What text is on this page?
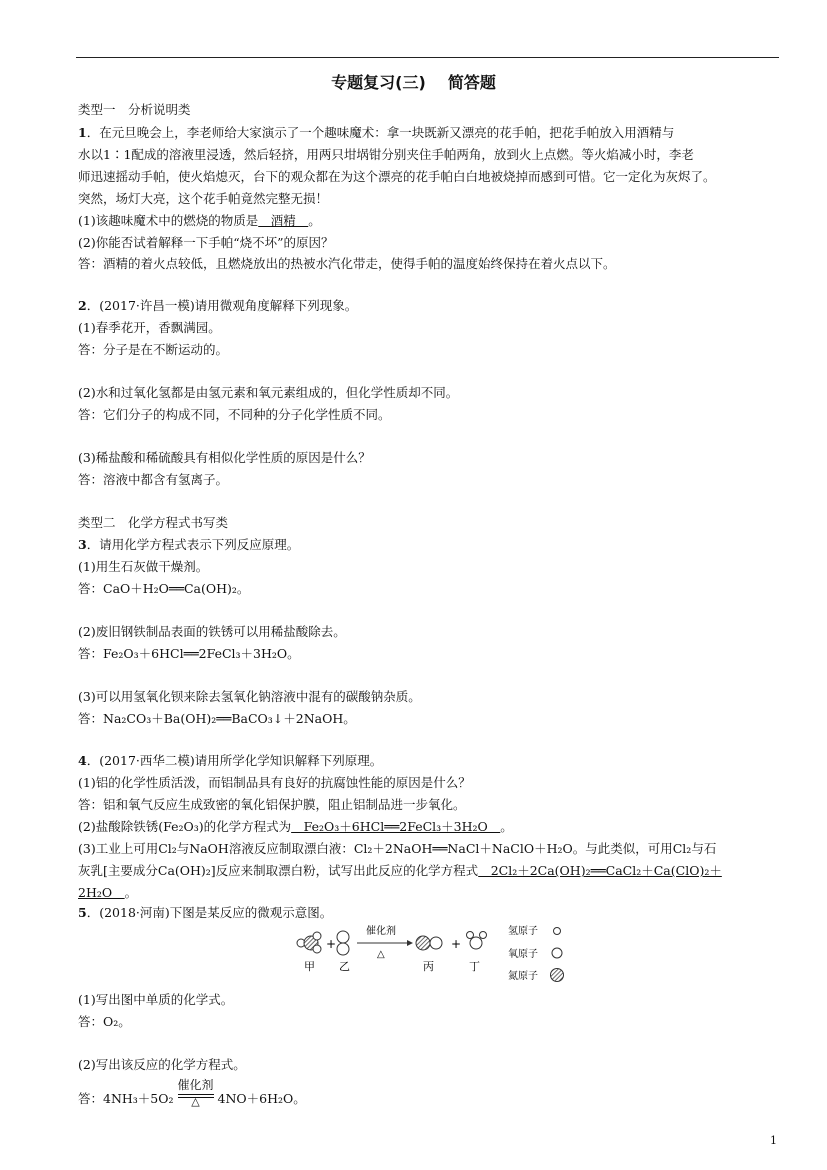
专题复习(三) 简答题
类型一　分析说明类
1．在元旦晚会上，李老师给大家演示了一个趣味魔术：拿一块既新又漂亮的花手帕，把花手帕放入用酒精与
水以1∶1配成的溶液里浸透，然后轻挤，用两只坩埚钳分别夹住手帕两角，放到火上点燃。等火焰减小时，李老
师迅速摇动手帕，使火焰熄灭，台下的观众都在为这个漂亮的花手帕白白地被烧掉而感到可惜。它一定化为灰烬了。
突然，场灯大亮，这个花手帕竟然完整无损！
(1)该趣味魔术中的燃烧的物质是　酒精　。
(2)你能否试着解释一下手帕“烧不坏”的原因？
答：酒精的着火点较低，且燃烧放出的热被水汽化带走，使得手帕的温度始终保持在着火点以下。
2．(2017·许昌一模)请用微观角度解释下列现象。
(1)春季花开，香飘满园。
答：分子是在不断运动的。
(2)水和过氧化氢都是由氢元素和氧元素组成的，但化学性质却不同。
答：它们分子的构成不同，不同种的分子化学性质不同。
(3)稀盐酸和稀硫酸具有相似化学性质的原因是什么？
答：溶液中都含有氢离子。
类型二　化学方程式书写类
3．请用化学方程式表示下列反应原理。
(1)用生石灰做干燥剂。
答：CaO＋H₂O══Ca(OH)₂。
(2)废旧钢铁制品表面的铁锈可以用稀盐酸除去。
答：Fe₂O₃＋6HCl══2FeCl₃＋3H₂O。
(3)可以用氢氧化钡来除去氢氧化钠溶液中混有的碳酸钠杂质。
答：Na₂CO₃＋Ba(OH)₂══BaCO₃↓＋2NaOH。
4．(2017·西华二模)请用所学化学知识解释下列原理。
(1)铝的化学性质活泼，而铝制品具有良好的抗腐蚀性能的原因是什么？
答：铝和氧气反应生成致密的氧化铝保护膜，阻止铝制品进一步氧化。
(2)盐酸除铁锈(Fe₂O₃)的化学方程式为　Fe₂O₃＋6HCl══2FeCl₃＋3H₂O　。
(3)工业上可用Cl₂与NaOH溶液反应制取漂白液：Cl₂＋2NaOH══NaCl＋NaClO＋H₂O。与此类似，可用Cl₂与石
灰乳[主要成分Ca(OH)₂]反应来制取漂白粉，试写出此反应的化学方程式　2Cl₂＋2Ca(OH)₂══CaCl₂＋Ca(ClO)₂＋
2H₂O　。
5．(2018·河南)下图是某反应的微观示意图。
甲
+
乙
催化剂
△
丙
+
丁
氢原子
氧原子
氮原子
(1)写出图中单质的化学式。
答：O₂。
(2)写出该反应的化学方程式。
答：4NH₃＋5O₂
催化剂
△	4NO＋6H₂O。
1
